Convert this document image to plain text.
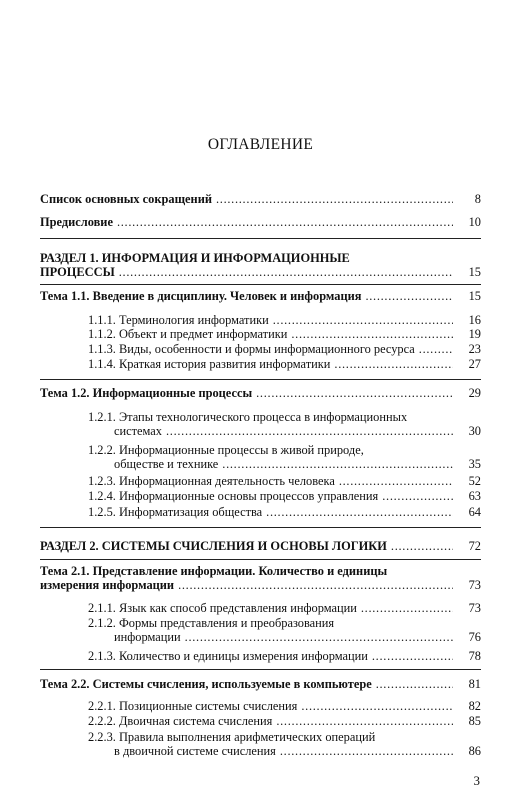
ОГЛАВЛЕНИЕ
Список основных сокращений . . .	8
Предисловие . . .	10
РАЗДЕЛ 1. ИНФОРМАЦИЯ И ИНФОРМАЦИОННЫЕ
ПРОЦЕССЫ . . .	15
Тема 1.1. Введение в дисциплину. Человек и информация . . .	15
1.1.1. Терминология информатики . . .	16
1.1.2. Объект и предмет информатики . . .	19
1.1.3. Виды, особенности и формы информационного ресурса . . .	23
1.1.4. Краткая история развития информатики . . .	27
Тема 1.2. Информационные процессы . . .	29
1.2.1. Этапы технологического процесса в информационных
системах . . .	30
1.2.2. Информационные процессы в живой природе,
обществе и технике . . .	35
1.2.3. Информационная деятельность человека . . .	52
1.2.4. Информационные основы процессов управления . . .	63
1.2.5. Информатизация общества . . .	64
РАЗДЕЛ 2. СИСТЕМЫ СЧИСЛЕНИЯ И ОСНОВЫ ЛОГИКИ . . .	72
Тема 2.1. Представление информации. Количество и единицы
измерения информации . . .	73
2.1.1. Язык как способ представления информации . . .	73
2.1.2. Формы представления и преобразования
информации . . .	76
2.1.3. Количество и единицы измерения информации . . .	78
Тема 2.2. Системы счисления, используемые в компьютере . . .	81
2.2.1. Позиционные системы счисления . . .	82
2.2.2. Двоичная система счисления . . .	85
2.2.3. Правила выполнения арифметических операций
в двоичной системе счисления . . .	86
3
